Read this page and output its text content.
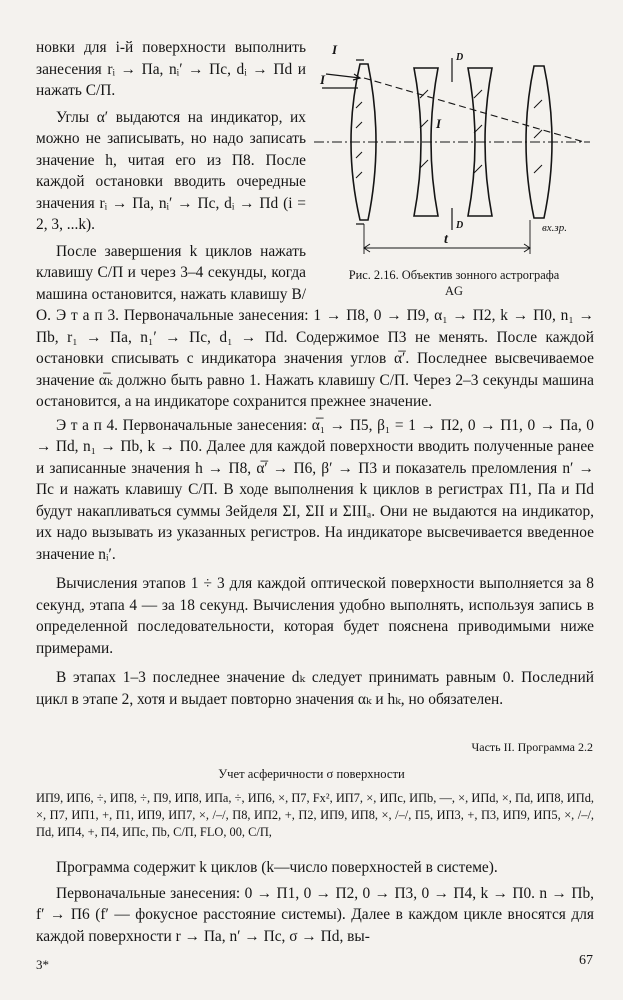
новки для i-й поверхности выполнить занесения rᵢ → Па, nᵢ′ → Пс, dᵢ → Пd и нажать С/П.

Углы α′ выдаются на индикатор, их можно не записывать, но надо записать значение h, читая его из П8. После каждой остановки вводить очередные значения rᵢ → Па, nᵢ′ → Пс, dᵢ → Пd (i = 2, 3, ...k).

После завершения k циклов нажать клавишу С/П и через 3–4 секунды, когда машина остановится, нажать клавишу В/О.

I
I
D
D
I
t
вх.зр.
Рис. 2.16. Объектив зонного астрографа
AG

Э т а п 3. Первоначальные занесения: 1 → П8, 0 → П9, α₁ → П2, k → П0, n₁ → Пb, r₁ → Па, n₁′ → Пс, d₁ → Пd. Содержимое П3 не менять. После каждой остановки списывать с индикатора значения углов α̅′. Последнее высвечиваемое значение α̅ₖ должно быть равно 1. Нажать клавишу С/П. Через 2–3 секунды машина остановится, а на индикаторе сохранится прежнее значение.

Э т а п 4. Первоначальные занесения: α̅₁ → П5, β₁ = 1 → П2, 0 → П1, 0 → Па, 0 → Пd, n₁ → Пb, k → П0. Далее для каждой поверхности вводить полученные ранее и записанные значения h → П8, α̅′ → П6, β′ → П3 и показатель преломления n′ → Пс и нажать клавишу С/П. В ходе выполнения k циклов в регистрах П1, Па и Пd будут накапливаться суммы Зейделя ΣI, ΣII и ΣIIIₐ. Они не выдаются на индикатор, их надо вызывать из указанных регистров. На индикаторе высвечивается введенное значение nᵢ′.

Вычисления этапов 1 ÷ 3 для каждой оптической поверхности выполняется за 8 секунд, этапа 4 — за 18 секунд. Вычисления удобно выполнять, используя запись в определенной последовательности, которая будет пояснена приводимыми ниже примерами.

В этапах 1–3 последнее значение dₖ следует принимать равным 0. Последний цикл в этапе 2, хотя и выдает повторно значения αₖ и hₖ, но обязателен.

Часть II. Программа 2.2
Учет асферичности σ поверхности
ИП9, ИП6, ÷, ИП8, ÷, П9, ИП8, ИПа, ÷, ИП6, ×, П7, Fx², ИП7, ×, ИПс, ИПb, —, ×, ИПd, ×, Пd, ИП8, ИПd, ×, П7, ИП1, +, П1, ИП9, ИП7, ×, /–/, П8, ИП2, +, П2, ИП9, ИП8, ×, /–/, П5, ИП3, +, П3, ИП9, ИП5, ×, /–/, Пd, ИП4, +, П4, ИПс, Пb, С/П, FLO, 00, С/П,

Программа содержит k циклов (k—число поверхностей в системе).

Первоначальные занесения: 0 → П1, 0 → П2, 0 → П3, 0 → П4, k → П0. n → Пb, f′ → П6 (f′ — фокусное расстояние системы). Далее в каждом цикле вносятся для каждой поверхности r → Па, n′ → Пс, σ → Пd, вы-

3*	67
